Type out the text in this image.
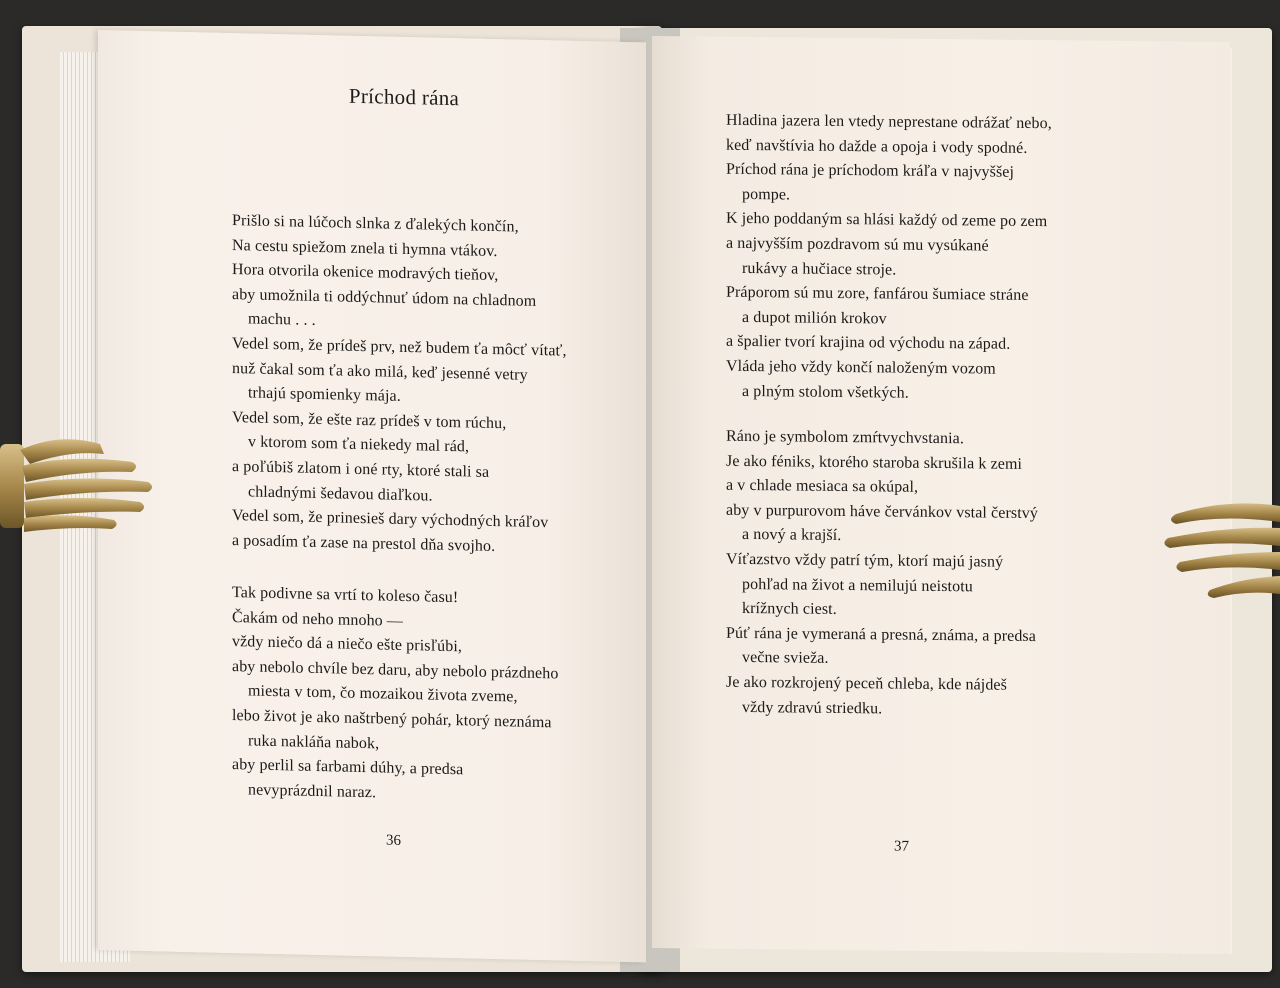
Príchod rána
Prišlo si na lúčoch slnka z ďalekých končín,
Na cestu spiežom znela ti hymna vtákov.
Hora otvorila okenice modravých tieňov,
aby umožnila ti oddýchnuť údom na chladnom
machu . . .
Vedel som, že prídeš prv, než budem ťa môcť vítať,
nuž čakal som ťa ako milá, keď jesenné vetry
trhajú spomienky mája.
Vedel som, že ešte raz prídeš v tom rúchu,
v ktorom som ťa niekedy mal rád,
a poľúbiš zlatom i oné rty, ktoré stali sa
chladnými šedavou diaľkou.
Vedel som, že prinesieš dary východných kráľov
a posadím ťa zase na prestol dňa svojho.
Tak podivne sa vrtí to koleso času!
Čakám od neho mnoho —
vždy niečo dá a niečo ešte prisľúbi,
aby nebolo chvíle bez daru, aby nebolo prázdneho
miesta v tom, čo mozaikou života zveme,
lebo život je ako naštrbený pohár, ktorý neznáma
ruka nakláňa nabok,
aby perlil sa farbami dúhy, a predsa
nevyprázdnil naraz.
36
Hladina jazera len vtedy neprestane odrážať nebo,
keď navštívia ho dažde a opoja i vody spodné.
Príchod rána je príchodom kráľa v najvyššej
pompe.
K jeho poddaným sa hlási každý od zeme po zem
a najvyšším pozdravom sú mu vysúkané
rukávy a hučiace stroje.
Práporom sú mu zore, fanfárou šumiace stráne
a dupot milión krokov
a špalier tvorí krajina od východu na západ.
Vláda jeho vždy končí naloženým vozom
a plným stolom všetkých.
Ráno je symbolom zmŕtvychvstania.
Je ako féniks, ktorého staroba skrušila k zemi
a v chlade mesiaca sa okúpal,
aby v purpurovom háve červánkov vstal čerstvý
a nový a krajší.
Víťazstvo vždy patrí tým, ktorí majú jasný
pohľad na život a nemilujú neistotu
krížnych ciest.
Púť rána je vymeraná a presná, známa, a predsa
večne svieža.
Je ako rozkrojený peceň chleba, kde nájdeš
vždy zdravú striedku.
37
